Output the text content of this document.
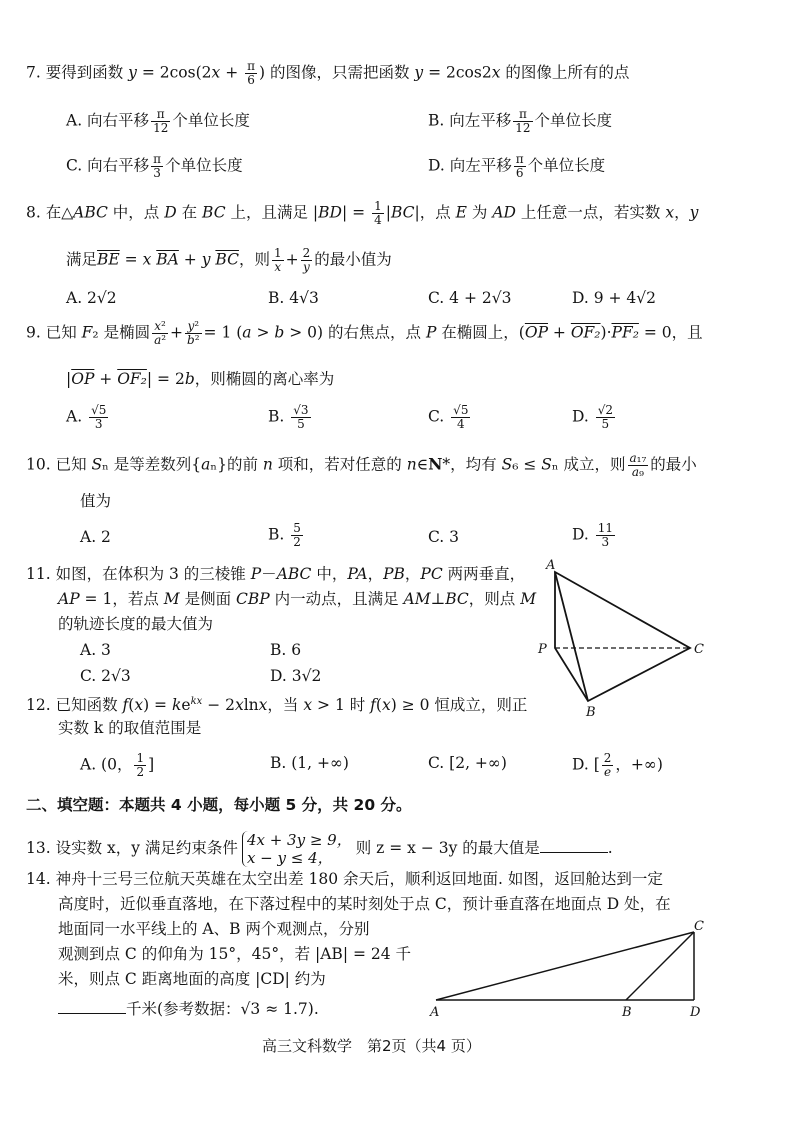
7. 要得到函数 $y = 2\cos(2x + \frac{\pi}{6}$ ) 的图像，只需把函数 y = 2cos2x 的图像上所有的点
A. 向右平移 $\frac{\pi}{12}$ 个单位长度	B. 向左平移 $\frac{\pi}{12}$ 个单位长度
C. 向右平移 $\frac{\pi}{3}$ 个单位长度	D. 向左平移 $\frac{\pi}{6}$ 个单位长度
8. 在△ABC 中，点 D 在 BC 上，且满足 $|BD| = \frac{1}{4} |BC|$，点 E 为 AD 上任意一点，若实数 x，y
满足$\overline{BE} = x$ $\overline{BA} + y$ $\overline{BC}$，则 $\frac{1}{x} + \frac{2}{y}$ 的最小值为
A. 2√2	B. 4√3	C. 4 + 2√3	D. 9 + 4√2
9. 已知 F₂ 是椭圆 $\frac{\text{x²}}{\text{a²}} + \frac{\text{y²}}{\text{b²}} = 1$ (a > b > 0) 的右焦点，点 P 在椭圆上，$(\overline{OP} + OF_2)\cdot PF_2 = 0$，且
$|\overline{OP} + OF_2| = 2b$，则椭圆的离心率为
A. $\frac{√5}{3}$	B. $\frac{√3}{5}$	C. $\frac{√5}{4}$	D. $\frac{√2}{5}$
10. 已知 Sₙ 是等差数列{aₙ}的前 n 项和，若对任意的 n∈N*，均有 S₆ ≤ Sₙ 成立，则 $\frac{\text{a₁₇}}{\text{a₉}}$ 的最小
值为
A. 2	B. $\frac{5}{2}$	C. 3	D. $\frac{11}{3}$
11. 如图，在体积为 3 的三棱锥 P－ABC 中，PA，PB，PC 两两垂直，
AP = 1，若点 M 是侧面 CBP 内一动点，且满足 AM⊥BC，则点 M
的轨迹长度的最大值为
A. 3	B. 6
C. 2√3	D. 3√2
A
P
B
C
12. 已知函数 $f(x) = ke^{kx} - 2xlnx$，当 x > 1 时 f(x) ≥ 0 恒成立，则正
实数 k 的取值范围是
A. (0， $\frac{1}{2}$ ]	B. (1, +∞)	C. [2, +∞)	D. [ $\frac{2}{e}$ ，+∞)
二、填空题：本题共 4 小题，每小题 5 分，共 20 分。
13. 设实数 x，y 满足约束条件 4x + 3y ≥ 9，
x − y ≤ 4，
则 z = x − 3y 的最大值是	.
14. 神舟十三号三位航天英雄在太空出差 180 余天后，顺利返回地面. 如图，返回舱达到一定
高度时，近似垂直落地，在下落过程中的某时刻处于点 C，预计垂直落在地面点 D 处，在
地面同一水平线上的 A、B 两个观测点，分别
观测到点 C 的仰角为 15°，45°，若 |AB| = 24 千
米，则点 C 距离地面的高度 |CD| 约为
千米(参考数据：√3 ≈ 1.7).	A	B
C
D
高三文科数学　第2页（共4 页）
